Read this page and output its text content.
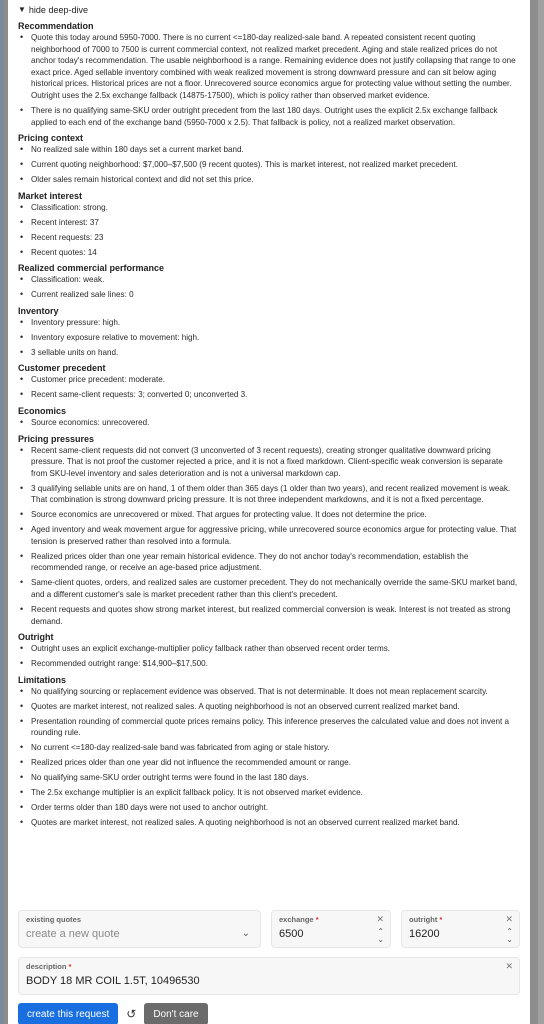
▼ hide deep-dive
Recommendation
• Quote this today around 5950-7000. There is no current <=180-day realized-sale band. A repeated consistent recent quoting neighborhood of 7000 to 7500 is current commercial context, not realized market precedent. Aging and stale realized prices do not anchor today's recommendation. The usable neighborhood is a range. Remaining evidence does not justify collapsing that range to one exact price. Aged sellable inventory combined with weak realized movement is strong downward pressure and can sit below aging historical prices. Historical prices are not a floor. Unrecovered source economics argue for protecting value without setting the number. Outright uses the 2.5x exchange fallback (14875-17500), which is policy rather than observed market evidence.
• There is no qualifying same-SKU order outright precedent from the last 180 days. Outright uses the explicit 2.5x exchange fallback applied to each end of the exchange band (5950-7000 x 2.5). That fallback is policy, not a realized market observation.
Pricing context
• No realized sale within 180 days set a current market band.
• Current quoting neighborhood: $7,000–$7,500 (9 recent quotes). This is market interest, not realized market precedent.
• Older sales remain historical context and did not set this price.
Market interest
• Classification: strong.
• Recent interest: 37
• Recent requests: 23
• Recent quotes: 14
Realized commercial performance
• Classification: weak.
• Current realized sale lines: 0
Inventory
• Inventory pressure: high.
• Inventory exposure relative to movement: high.
• 3 sellable units on hand.
Customer precedent
• Customer price precedent: moderate.
• Recent same-client requests: 3; converted 0; unconverted 3.
Economics
• Source economics: unrecovered.
Pricing pressures
• Recent same-client requests did not convert (3 unconverted of 3 recent requests), creating stronger qualitative downward pricing pressure. That is not proof the customer rejected a price, and it is not a fixed markdown. Client-specific weak conversion is separate from SKU-level inventory and sales deterioration and is not a universal markdown cap.
• 3 qualifying sellable units are on hand, 1 of them older than 365 days (1 older than two years), and recent realized movement is weak. That combination is strong downward pricing pressure. It is not three independent markdowns, and it is not a fixed percentage.
• Source economics are unrecovered or mixed. That argues for protecting value. It does not determine the price.
• Aged inventory and weak movement argue for aggressive pricing, while unrecovered source economics argue for protecting value. That tension is preserved rather than resolved into a formula.
• Realized prices older than one year remain historical evidence. They do not anchor today's recommendation, establish the recommended range, or receive an age-based price adjustment.
• Same-client quotes, orders, and realized sales are customer precedent. They do not mechanically override the same-SKU market band, and a different customer's sale is market precedent rather than this client's precedent.
• Recent requests and quotes show strong market interest, but realized commercial conversion is weak. Interest is not treated as strong demand.
Outright
• Outright uses an explicit exchange-multiplier policy fallback rather than observed recent order terms.
• Recommended outright range: $14,900–$17,500.
Limitations
• No qualifying sourcing or replacement evidence was observed. That is not determinable. It does not mean replacement scarcity.
• Quotes are market interest, not realized sales. A quoting neighborhood is not an observed current realized market band.
• Presentation rounding of commercial quote prices remains policy. This inference preserves the calculated value and does not invent a rounding rule.
• No current <=180-day realized-sale band was fabricated from aging or stale history.
• Realized prices older than one year did not influence the recommended amount or range.
• No qualifying same-SKU order outright terms were found in the last 180 days.
• The 2.5x exchange multiplier is an explicit fallback policy. It is not observed market evidence.
• Order terms older than 180 days were not used to anchor outright.
• Quotes are market interest, not realized sales. A quoting neighborhood is not an observed current realized market band.
existing quotes
create a new quote	⌄
exchange *
6500
✕
⌃
⌄
outright *
16200
✕
⌃
⌄
description *
BODY 18 MR COIL 1.5T, 10496530
✕
create this request	↺	Don't care
